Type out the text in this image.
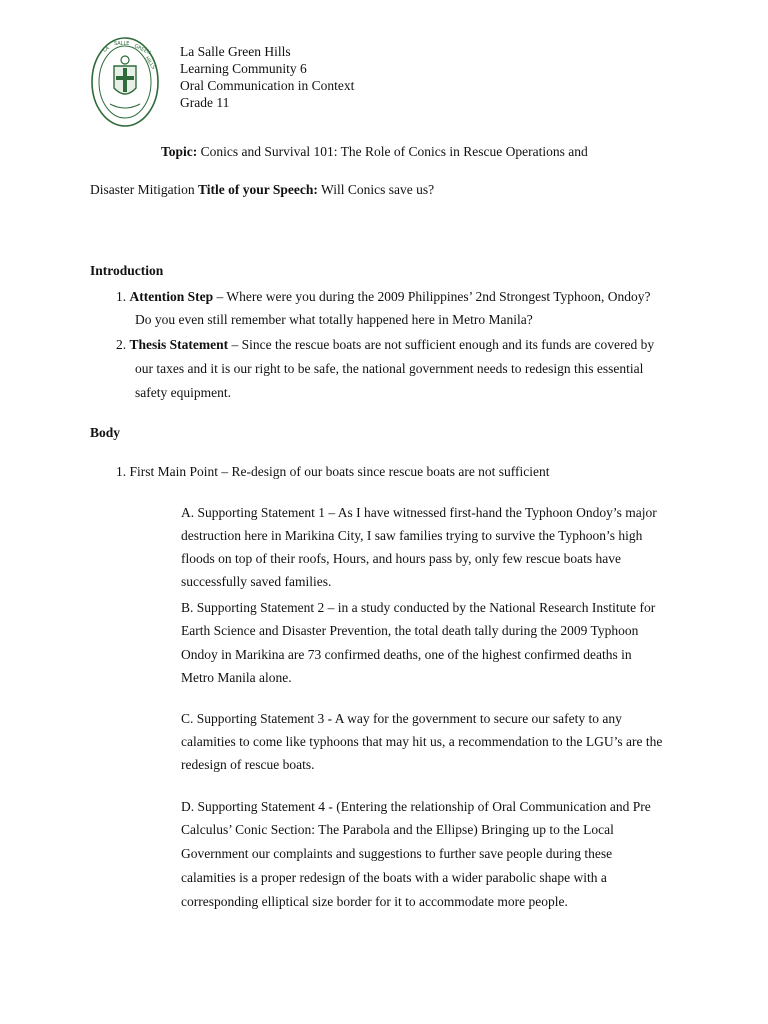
LA
SALLE GREEN
HILLS
La Salle Green Hills
Learning Community 6
Oral Communication in Context
Grade 11
Topic: Conics and Survival 101: The Role of Conics in Rescue Operations and
Disaster Mitigation Title of your Speech: Will Conics save us?
Introduction
1. Attention Step – Where were you during the 2009 Philippines’ 2nd Strongest Typhoon, Ondoy?
Do you even still remember what totally happened here in Metro Manila?
2. Thesis Statement – Since the rescue boats are not sufficient enough and its funds are covered by
our taxes and it is our right to be safe, the national government needs to redesign this essential
safety equipment.
Body
1. First Main Point – Re-design of our boats since rescue boats are not sufficient
A. Supporting Statement 1 – As I have witnessed first-hand the Typhoon Ondoy’s major
destruction here in Marikina City, I saw families trying to survive the Typhoon’s high
floods on top of their roofs, Hours, and hours pass by, only few rescue boats have
successfully saved families.
B. Supporting Statement 2 – in a study conducted by the National Research Institute for
Earth Science and Disaster Prevention, the total death tally during the 2009 Typhoon
Ondoy in Marikina are 73 confirmed deaths, one of the highest confirmed deaths in
Metro Manila alone.
C. Supporting Statement 3 - A way for the government to secure our safety to any
calamities to come like typhoons that may hit us, a recommendation to the LGU’s are the
redesign of rescue boats.
D. Supporting Statement 4 - (Entering the relationship of Oral Communication and Pre
Calculus’ Conic Section: The Parabola and the Ellipse) Bringing up to the Local
Government our complaints and suggestions to further save people during these
calamities is a proper redesign of the boats with a wider parabolic shape with a
corresponding elliptical size border for it to accommodate more people.
